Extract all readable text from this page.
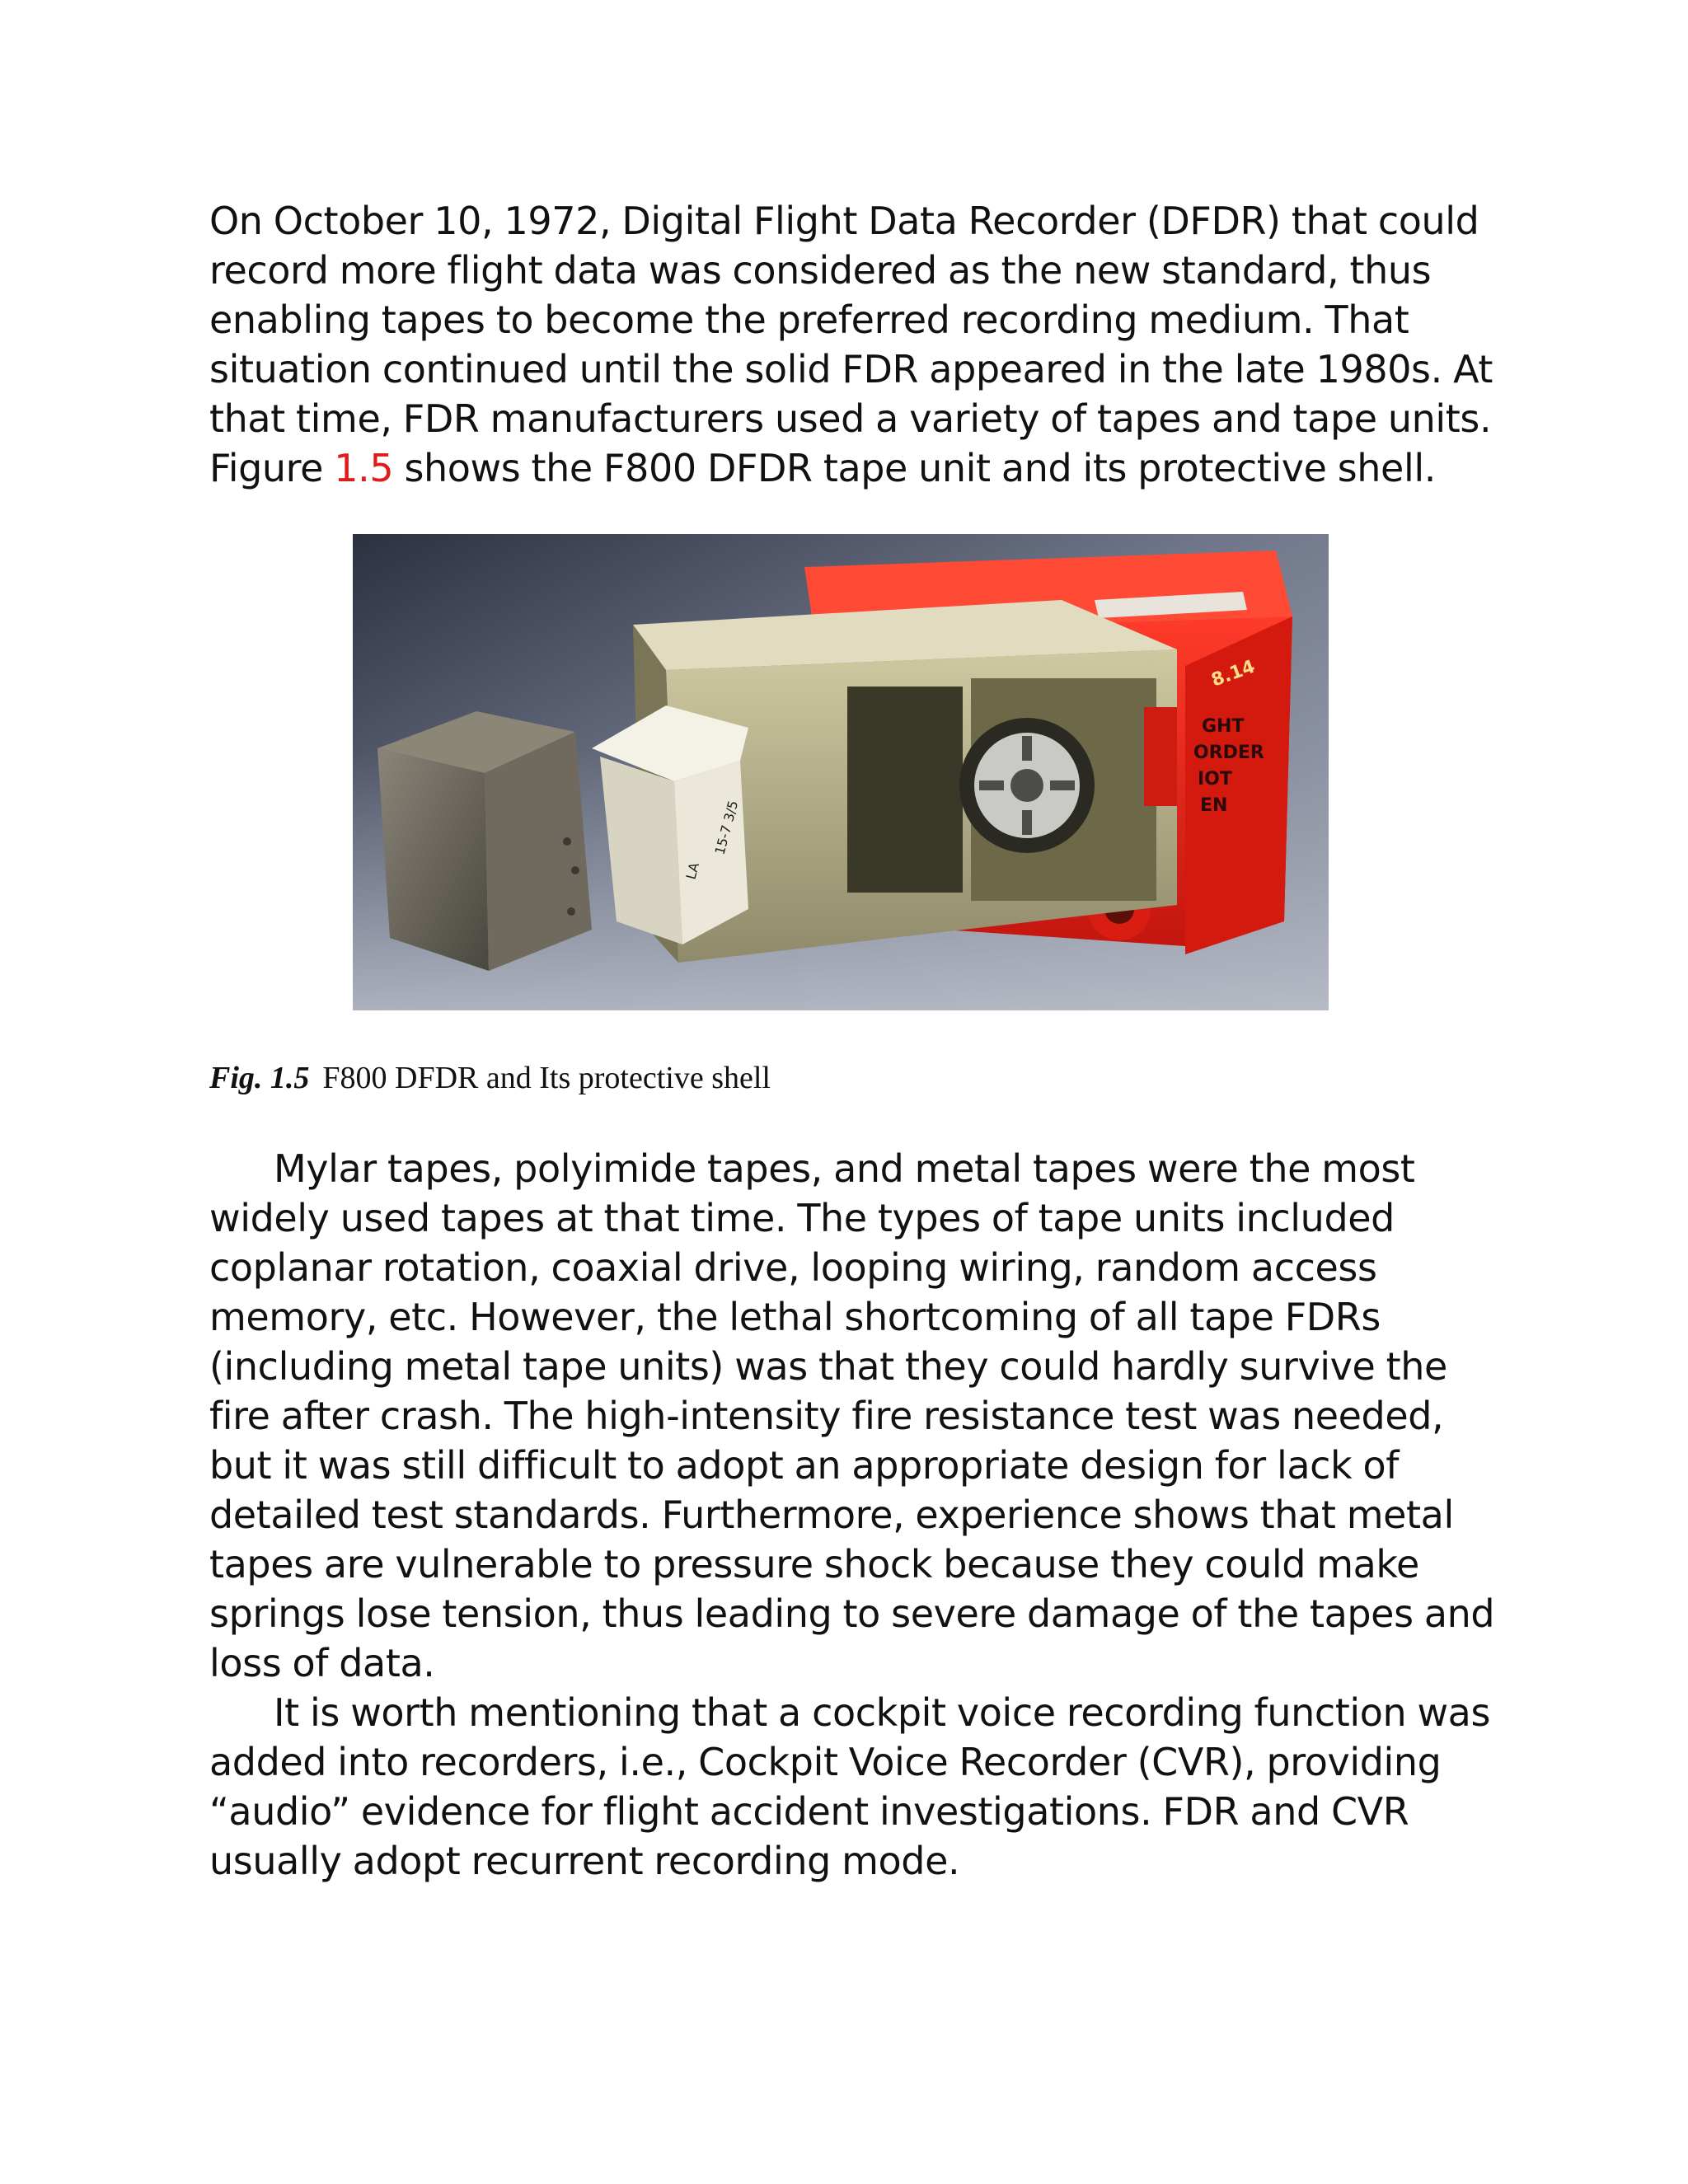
On October 10, 1972, Digital Flight Data Recorder (DFDR) that could record more flight data was considered as the new standard, thus enabling tapes to become the preferred recording medium. That situation continued until the solid FDR appeared in the late 1980s. At that time, FDR manufacturers used a variety of tapes and tape units. Figure 1.5 shows the F800 DFDR tape unit and its protective shell.

8.14
GHT
ORDER
IOT
EN
15-7 3/5
LA
Fig. 1.5 F800 DFDR and Its protective shell

Mylar tapes, polyimide tapes, and metal tapes were the most widely used tapes at that time. The types of tape units included coplanar rotation, coaxial drive, looping wiring, random access memory, etc. However, the lethal shortcoming of all tape FDRs (including metal tape units) was that they could hardly survive the fire after crash. The high-intensity fire resistance test was needed, but it was still difficult to adopt an appropriate design for lack of detailed test standards. Furthermore, experience shows that metal tapes are vulnerable to pressure shock because they could make springs lose tension, thus leading to severe damage of the tapes and loss of data.

It is worth mentioning that a cockpit voice recording function was added into recorders, i.e., Cockpit Voice Recorder (CVR), providing “audio” evidence for flight accident investigations. FDR and CVR usually adopt recurrent recording mode.
